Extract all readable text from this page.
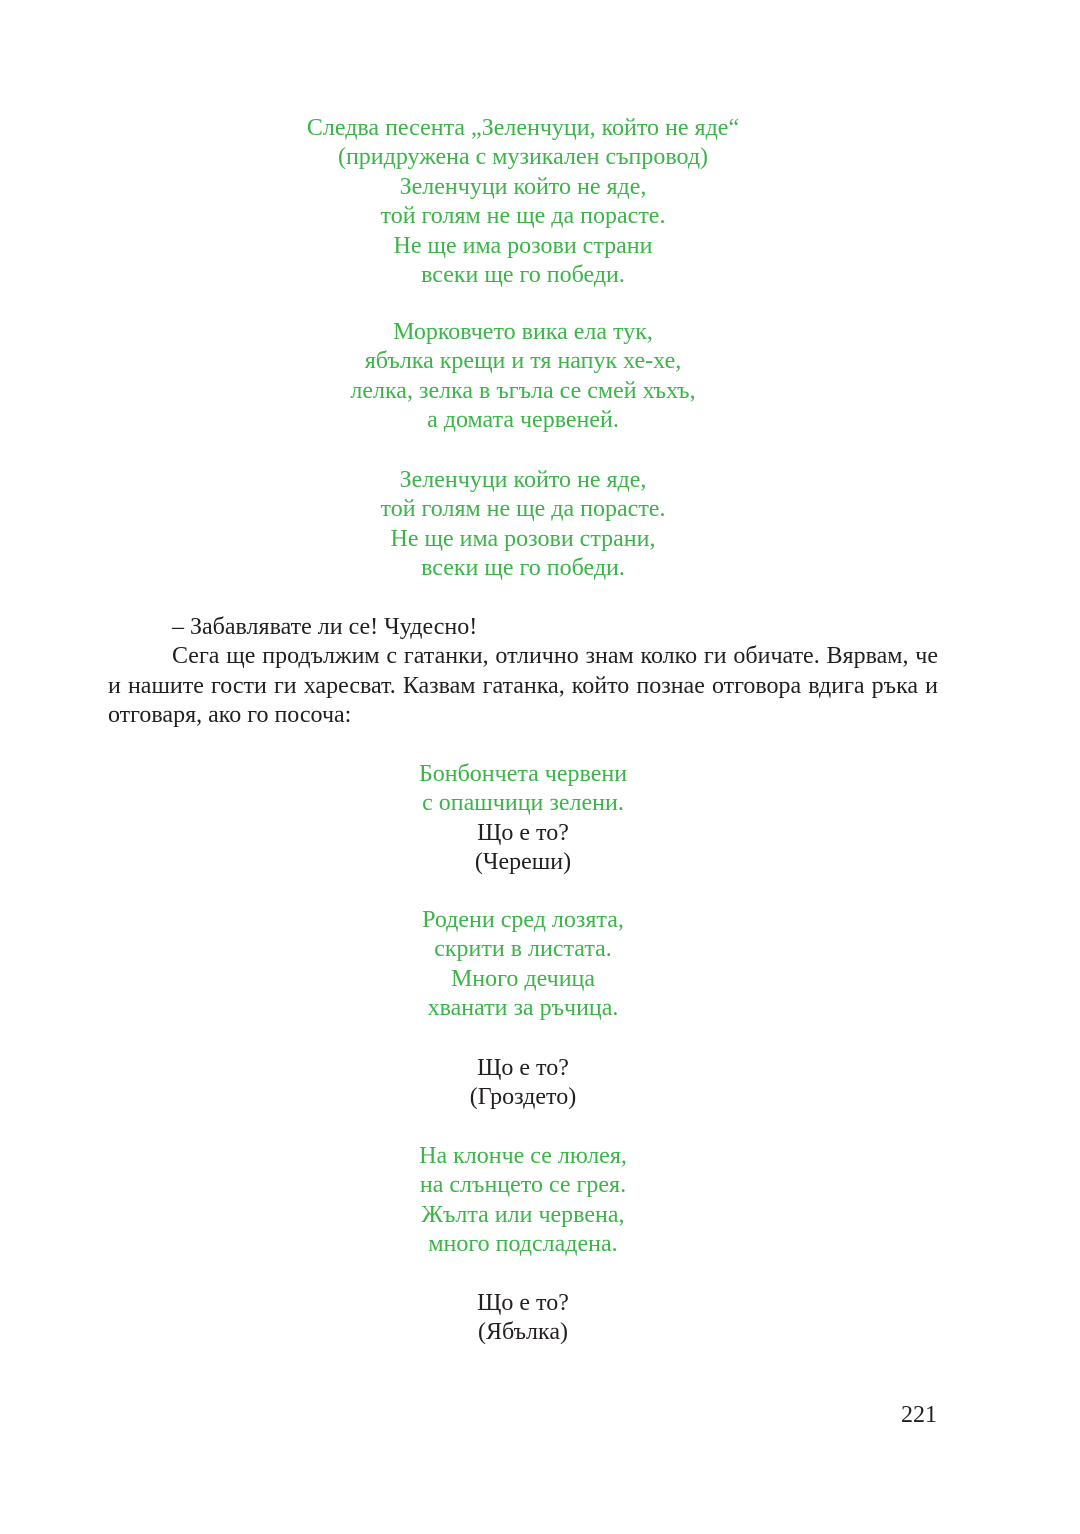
Следва песента „Зеленчуци, който не яде“
(придружена с музикален съпровод)
Зеленчуци който не яде,
той голям не ще да порасте.
Не ще има розови страни
всеки ще го победи.
Морковчето вика ела тук,
ябълка крещи и тя напук хе-хе,
лелка, зелка в ъгъла се смей хъхъ,
а домата червеней.
Зеленчуци който не яде,
той голям не ще да порасте.
Не ще има розови страни,
всеки ще го победи.

– Забавлявате ли се! Чудесно!

Сега ще продължим с гатанки, отлично знам колко ги обичате. Вярвам, че и нашите гости ги харесват. Казвам гатанка, който познае отговора вдига ръка и отговаря, ако го посоча:

Бонбончета червени
с опашчици зелени.
Що е то?
(Череши)
Родени сред лозята,
скрити в листата.
Много дечица
хванати за ръчица.
Що е то?
(Гроздето)
На клонче се люлея,
на слънцето се грея.
Жълта или червена,
много подсладена.
Що е то?
(Ябълка)
221
